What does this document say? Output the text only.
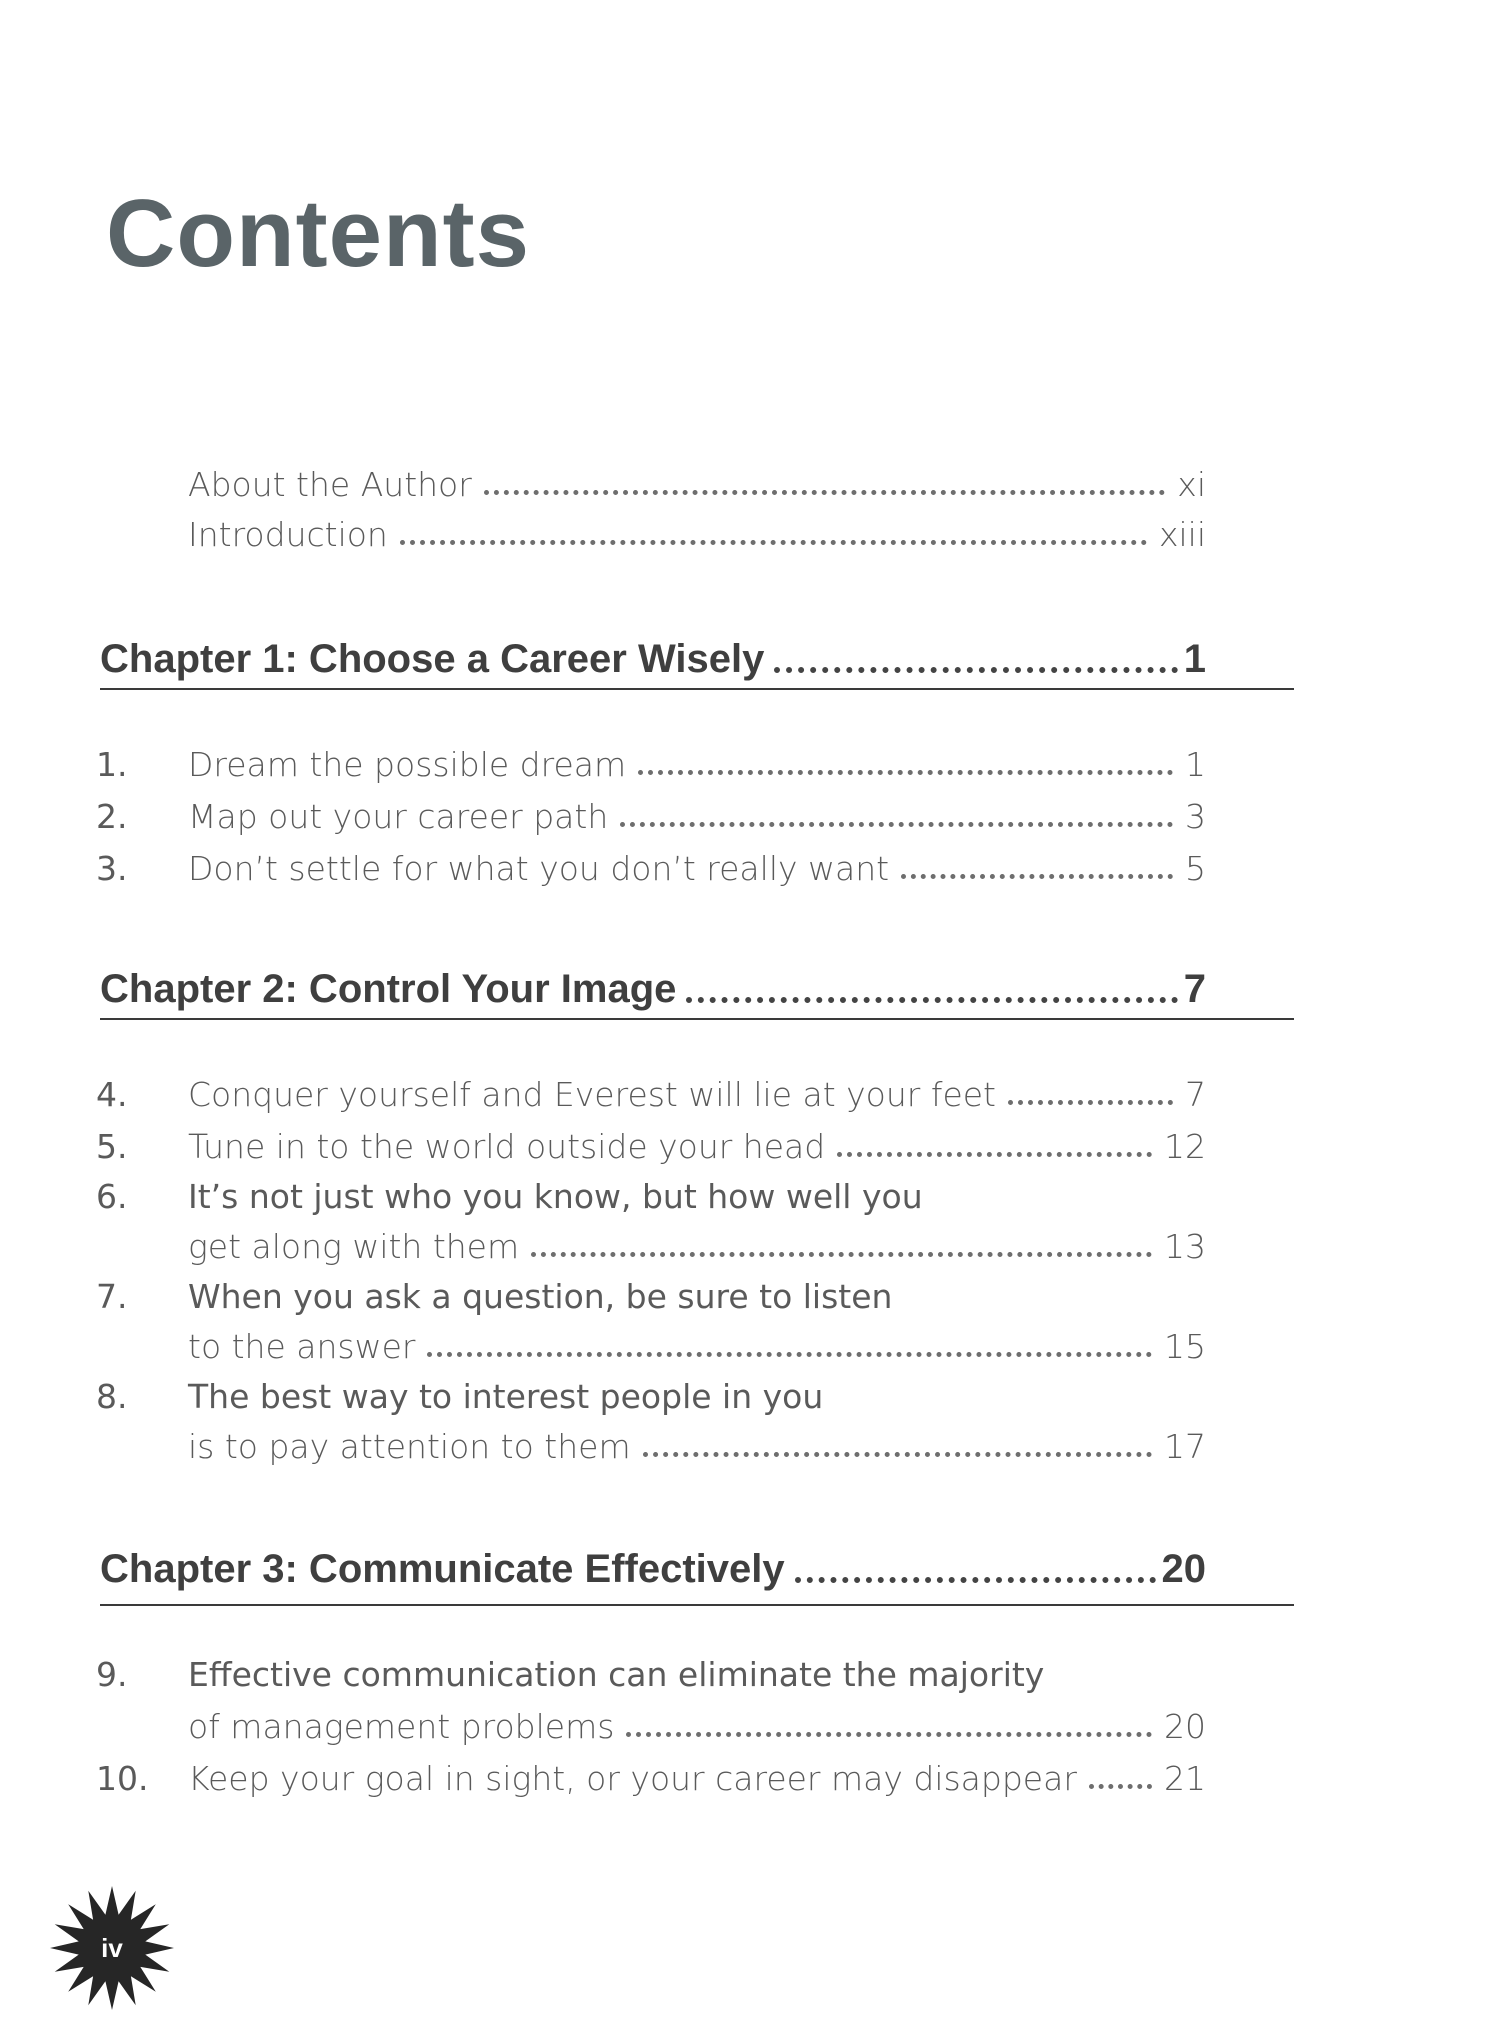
Contents
About the Author	xi
Introduction	xiii
Chapter 1: Choose a Career Wisely	1
1.	Dream the possible dream	1
2.	Map out your career path	3
3.	Don’t settle for what you don’t really want	5
Chapter 2: Control Your Image	7
4.	Conquer yourself and Everest will lie at your feet	7
5.	Tune in to the world outside your head	12
6.	It’s not just who you know, but how well you
get along with them	13
7.	When you ask a question, be sure to listen
to the answer	15
8.	The best way to interest people in you
is to pay attention to them	17
Chapter 3: Communicate Effectively	20
9.	Effective communication can eliminate the majority
of management problems	20
10. Keep your goal in sight, or your career may disappear	21
iv
